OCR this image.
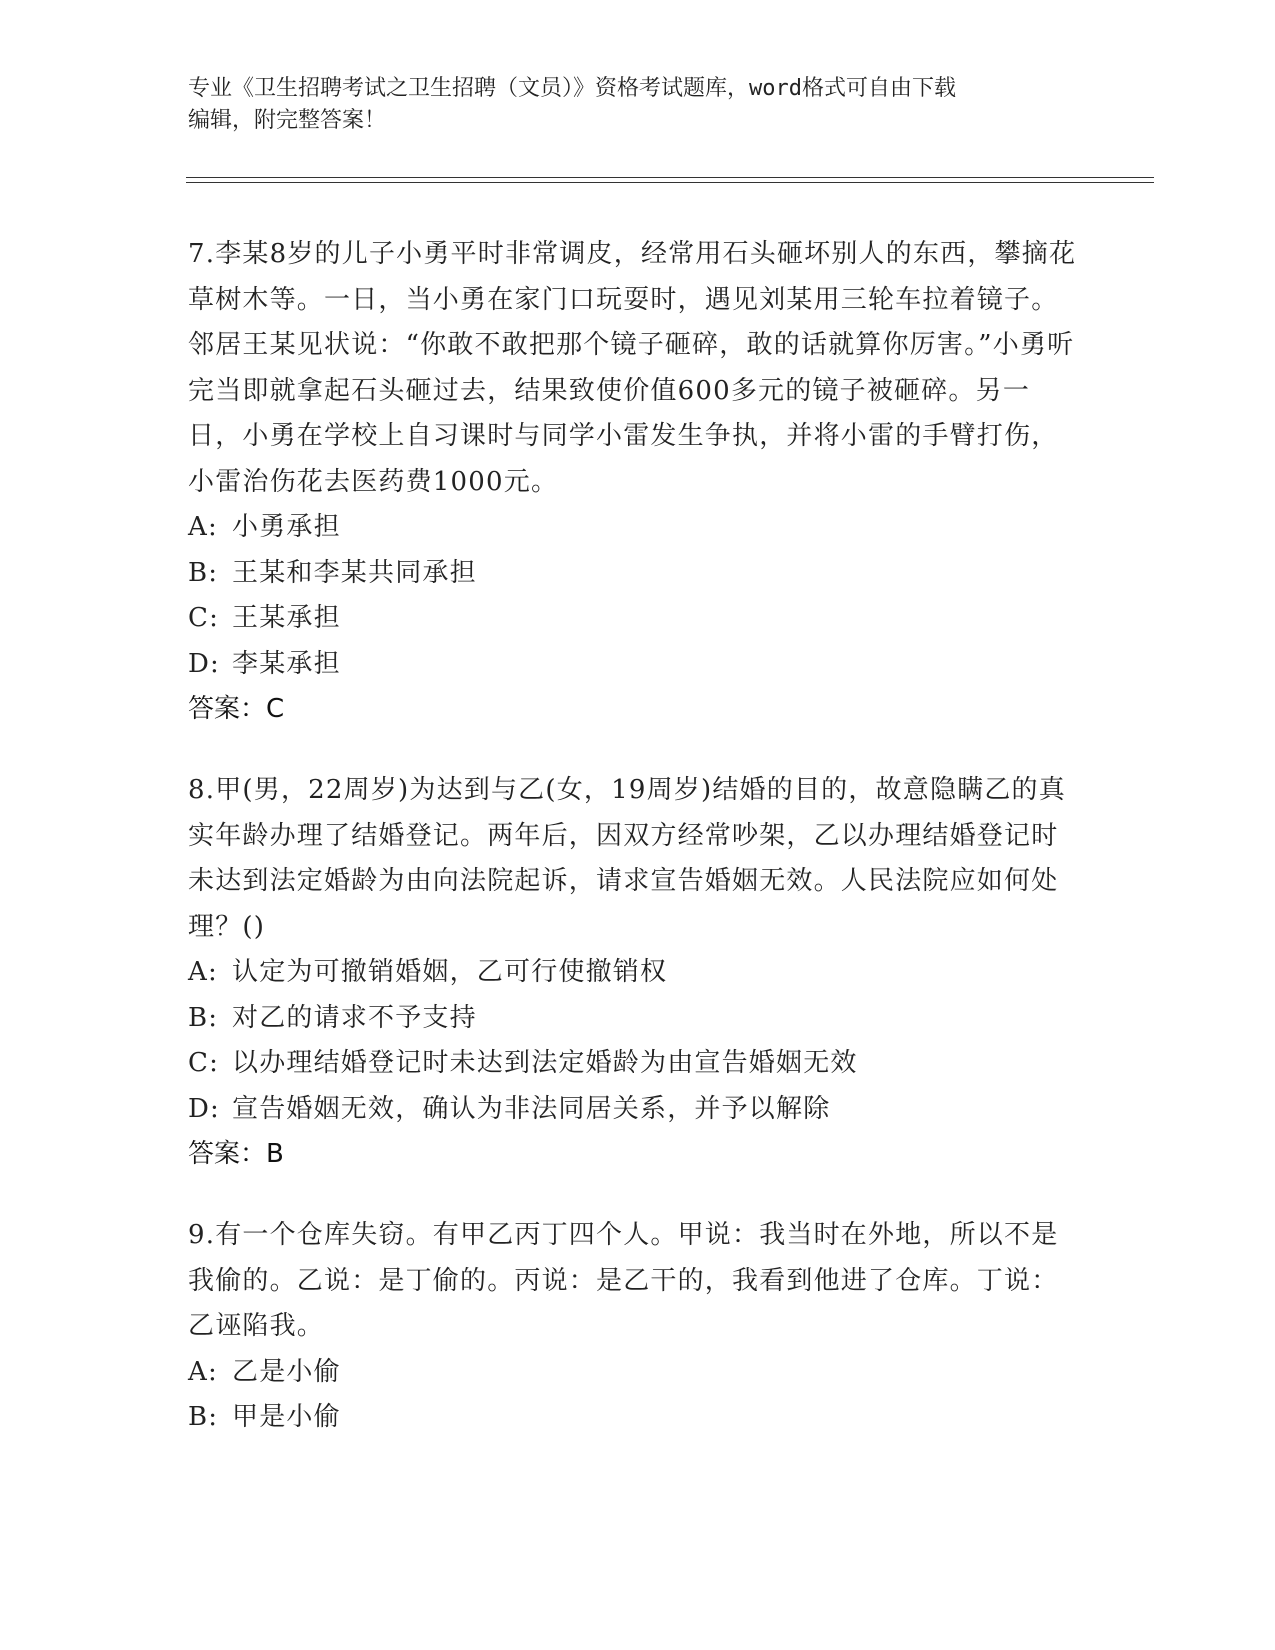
专业《卫生招聘考试之卫生招聘（文员）》资格考试题库，word格式可自由下载
编辑，附完整答案！

7.李某8岁的儿子小勇平时非常调皮，经常用石头砸坏别人的东西，攀摘花草树木等。一日，当小勇在家门口玩耍时，遇见刘某用三轮车拉着镜子。邻居王某见状说：“你敢不敢把那个镜子砸碎，敢的话就算你厉害。”小勇听完当即就拿起石头砸过去，结果致使价值600多元的镜子被砸碎。另一日，小勇在学校上自习课时与同学小雷发生争执，并将小雷的手臂打伤，小雷治伤花去医药费1000元。

A: 小勇承担

B: 王某和李某共同承担

C: 王某承担

D: 李某承担

答案：C

8.甲(男，22周岁)为达到与乙(女，19周岁)结婚的目的，故意隐瞒乙的真实年龄办理了结婚登记。两年后，因双方经常吵架，乙以办理结婚登记时未达到法定婚龄为由向法院起诉，请求宣告婚姻无效。人民法院应如何处理？()

A: 认定为可撤销婚姻，乙可行使撤销权

B: 对乙的请求不予支持

C: 以办理结婚登记时未达到法定婚龄为由宣告婚姻无效

D: 宣告婚姻无效，确认为非法同居关系，并予以解除

答案：B

9.有一个仓库失窃。有甲乙丙丁四个人。甲说：我当时在外地，所以不是我偷的。乙说：是丁偷的。丙说：是乙干的，我看到他进了仓库。丁说：乙诬陷我。

A: 乙是小偷

B: 甲是小偷
